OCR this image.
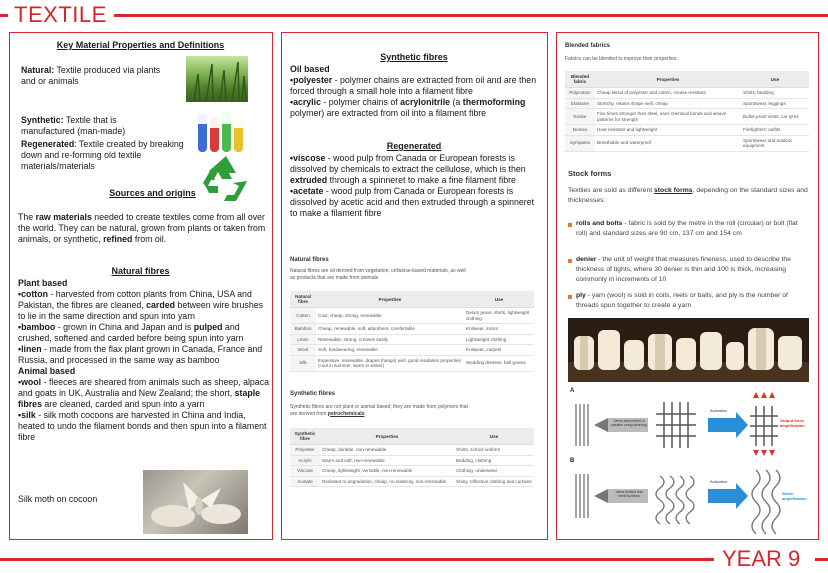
TEXTILE
YEAR 9
Key Material Properties and Definitions
Natural: Textile produced via plants and or animals
Synthetic: Textile that is manufactured (man-made)
Regenerated: Textile created by breaking down and re-forming old textile materials/materials
Sources and origins
The raw materials needed to create textiles come from all over the world. They can be natural, grown from plants or taken from animals, or synthetic, refined from oil.
Natural fibres
Plant based
•cotton - harvested from cotton plants from China, USA and Pakistan, the fibres are cleaned, carded between wire brushes to lie in the same direction and spun into yarn
•bamboo - grown in China and Japan and is pulped and crushed, softened and carded before being spun into yarn
•linen - made from the flax plant grown in Canada, France and Russia, and processed in the same way as bamboo
Animal based
•wool - fleeces are sheared from animals such as sheep, alpaca and goats in UK, Australia and New Zealand; the short, staple fibres are cleaned, carded and spun into a yarn
•silk - silk moth cocoons are harvested in China and India, heated to undo the filament bonds and then spun into a filament fibre
Silk moth on cocoon
Synthetic fibres
Oil based
•polyester - polymer chains are extracted from oil and are then forced through a small hole into a filament fibre
•acrylic - polymer chains of acrylonitrile (a thermoforming polymer) are extracted from oil into a filament fibre
Regenerated
•viscose - wood pulp from Canada or European forests is dissolved by chemicals to extract the cellulose, which is then extruded through a spinneret to make a fine filament fibre
•acetate - wood pulp from Canada or European forests is dissolved by acetic acid and then extruded through a spinneret to make a filament fibre
Natural fibres
Natural fibres are oil derived from vegetation, cellulose-based materials, as well as products that are made from animals.
Natural fibre	Properties	Use
Cotton	Cool, cheap, strong, renewable	Denim jeans, shirts, lightweight clothing
Bamboo	Cheap, renewable, soft, absorbent, comfortable	Knitwear, socks
Linen	Renewable, strong, creases easily	Lightweight clothing
Wool	Soft, hardwearing, renewable	Knitwear, carpets
Silk	Expensive, renewable, drapes (hangs) well, good insulation properties (cool in summer, warm in winter)	Wedding dresses, ball gowns
Synthetic fibres
Synthetic fibres are not plant or animal based; they are made from polymers that are derived from petrochemicals.
Synthetic fibre	Properties	Use
Polyester	Cheap, durable, non-renewable	Shirts, school uniform
Acrylic	Warm and soft, non-renewable	Bedding, clothing
Viscose	Cheap, lightweight, versatile, non-renewable	Clothing, underwear
Acetate	Resistant to degradation, cheap, no elasticity, non-renewable	Shiny, reflective clothing and curtains
Blended fabrics
Fabrics can be blended to improve their properties.
Blended fabric	Properties	Use
Polycotton	Cheap blend of polyester and cotton, crease resistant	Shirts, bedding
Elastane	Stretchy, retains shape well, cheap	Sportswear, leggings
Kevlar	Five times stronger than steel, uses chemical bonds and weave patterns for strength	Bullet-proof vests, car tyres
Nomex	Heat resistant and lightweight	Firefighters' outfits
Sympatex	Breathable and waterproof	Sportswear and outdoor equipment
Stock forms
Textiles are sold as different stock forms, depending on the standard sizes and thicknesses:
rolls and bolts - fabric is sold by the metre in the roll (circular) or bolt (flat roll) and standard sizes are 90 cm, 137 cm and 154 cm
denier - the unit of weight that measures fineness, used to describe the thickness of tights, where 30 denier is thin and 100 is thick, increasing commonly in increments of 10
ply - yarn (wool) is sold in coils, reels or balls, and ply is the number of threads spun together to create a yarn
A
B
Yarns assembled in parallel using weaving
Yarns knitted into stretchy fabric
Activation
Activation
Output force amplification
Strain amplification
